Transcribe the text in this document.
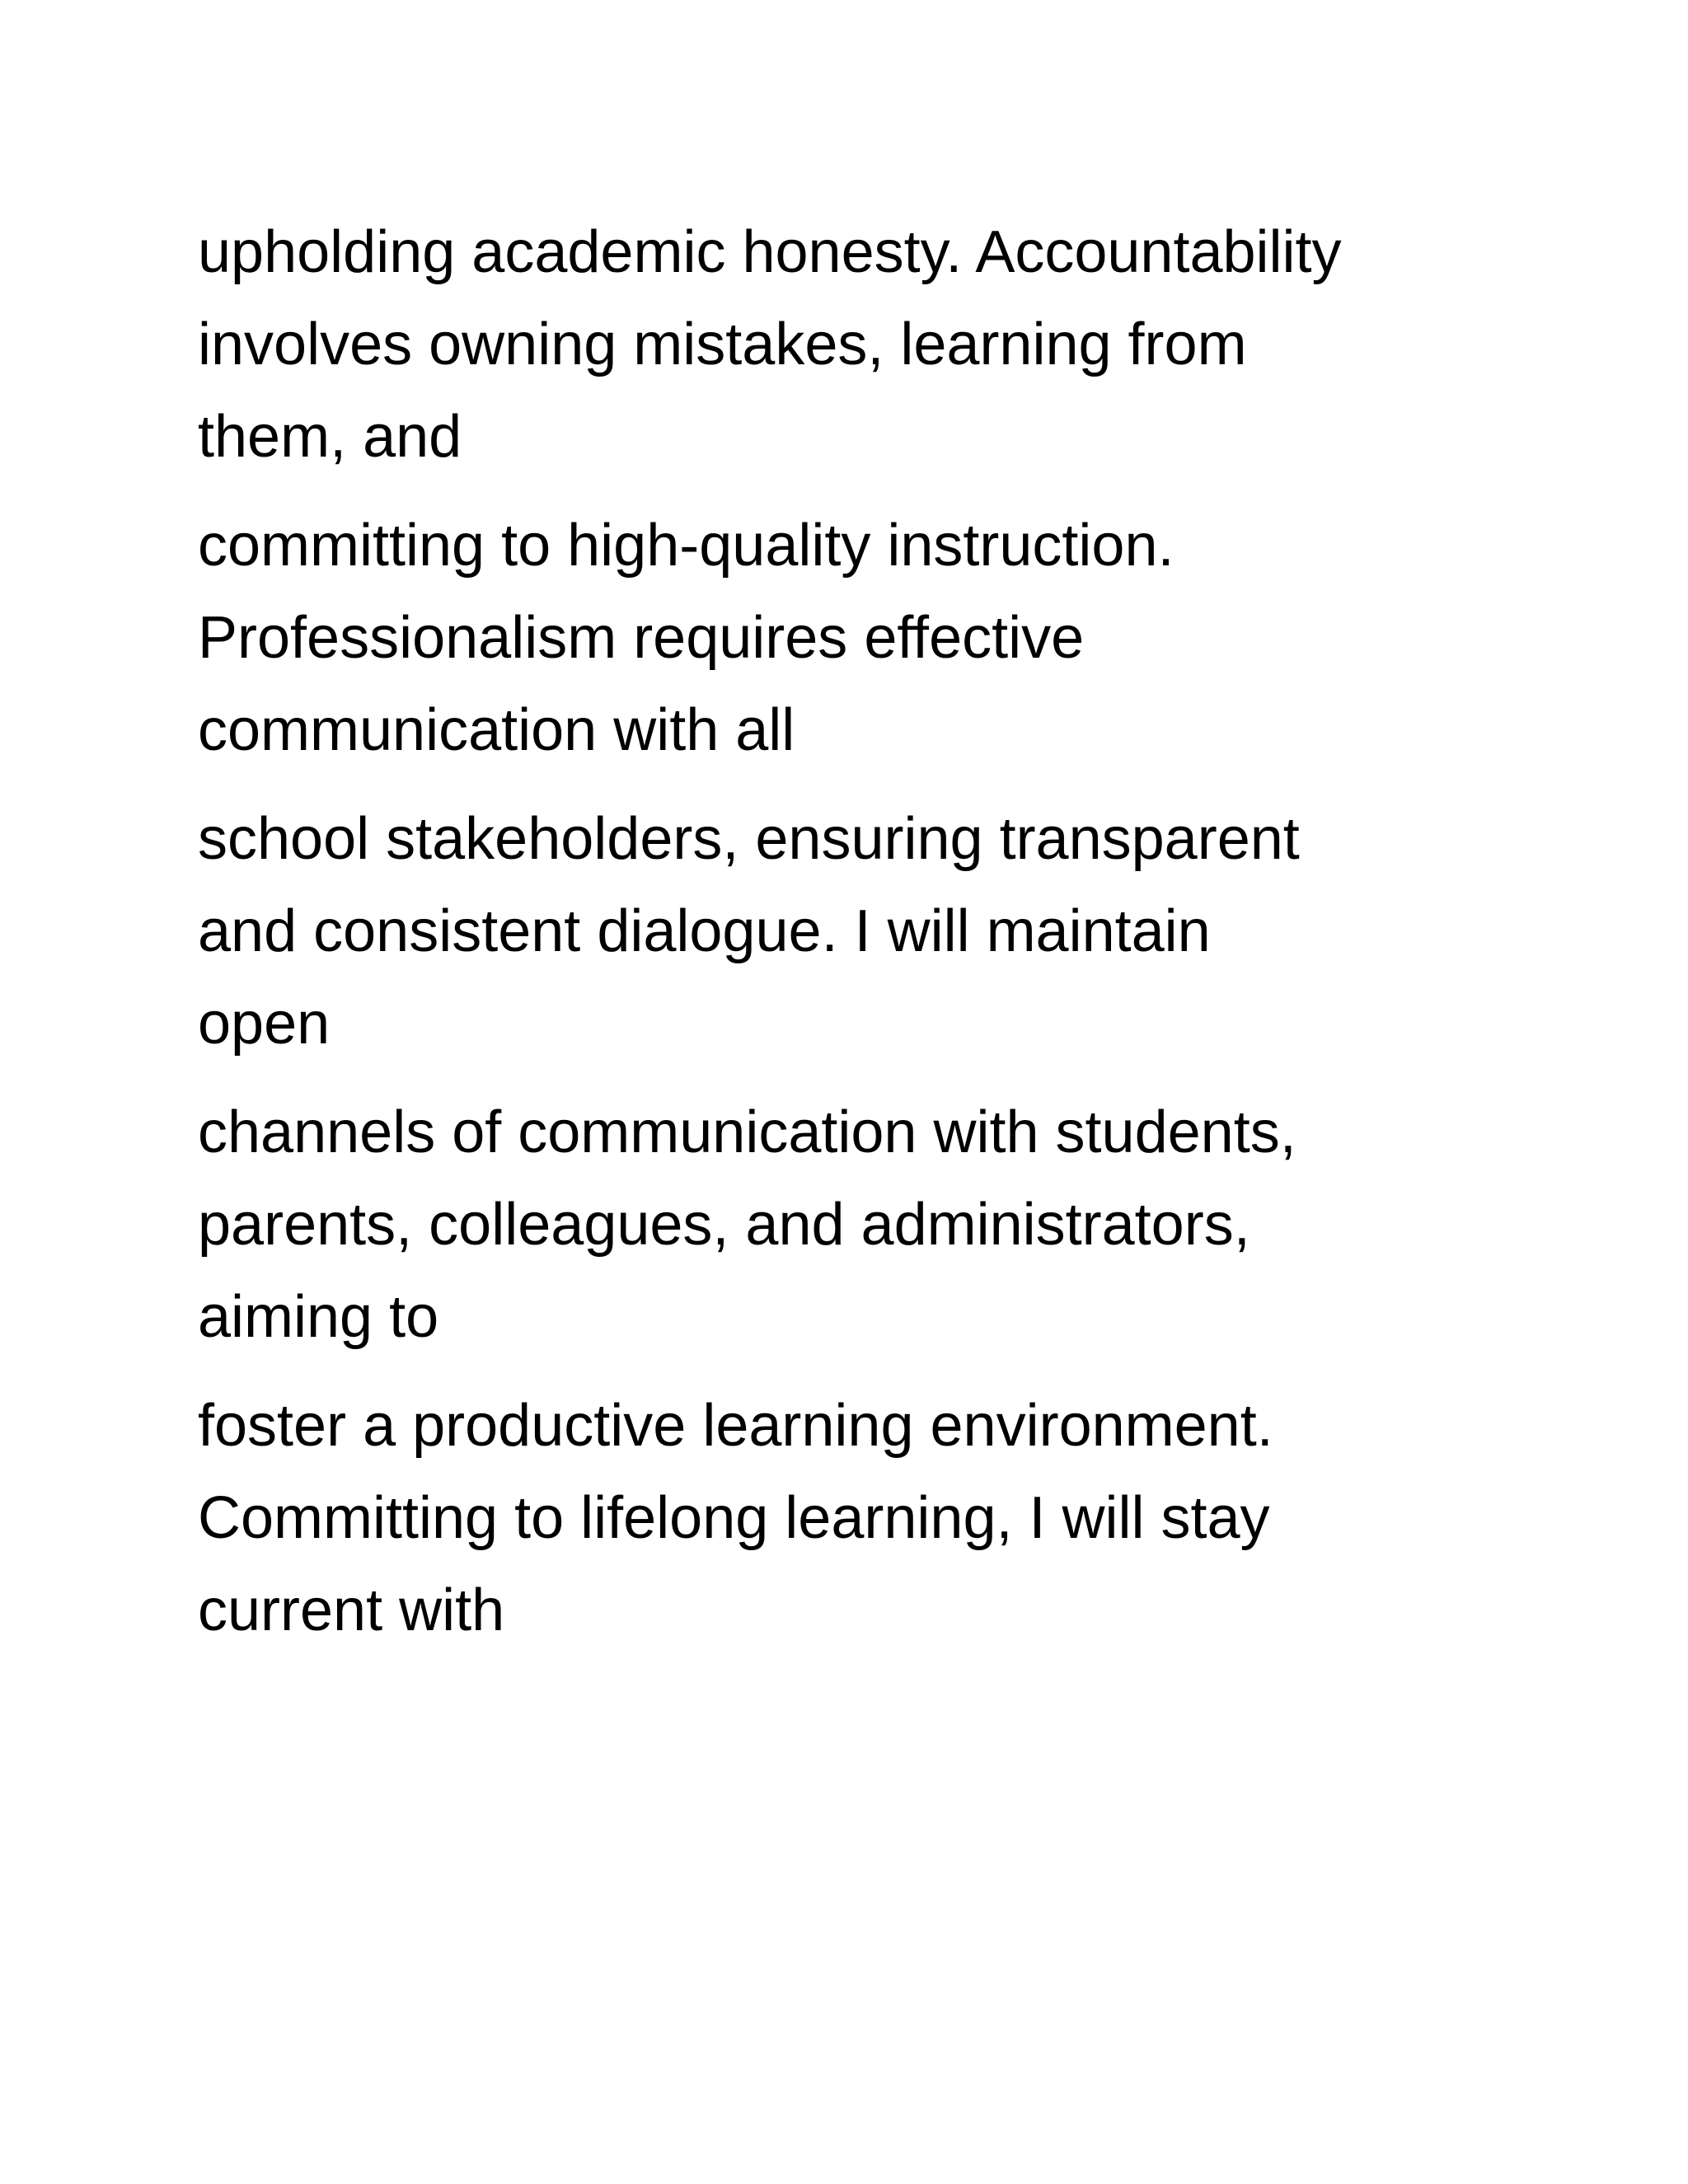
upholding academic honesty. Accountability
involves owning mistakes, learning from
them, and
committing to high-quality instruction.
Professionalism requires effective
communication with all
school stakeholders, ensuring transparent
and consistent dialogue. I will maintain
open
channels of communication with students,
parents, colleagues, and administrators,
aiming to
foster a productive learning environment.
Committing to lifelong learning, I will stay
current with
